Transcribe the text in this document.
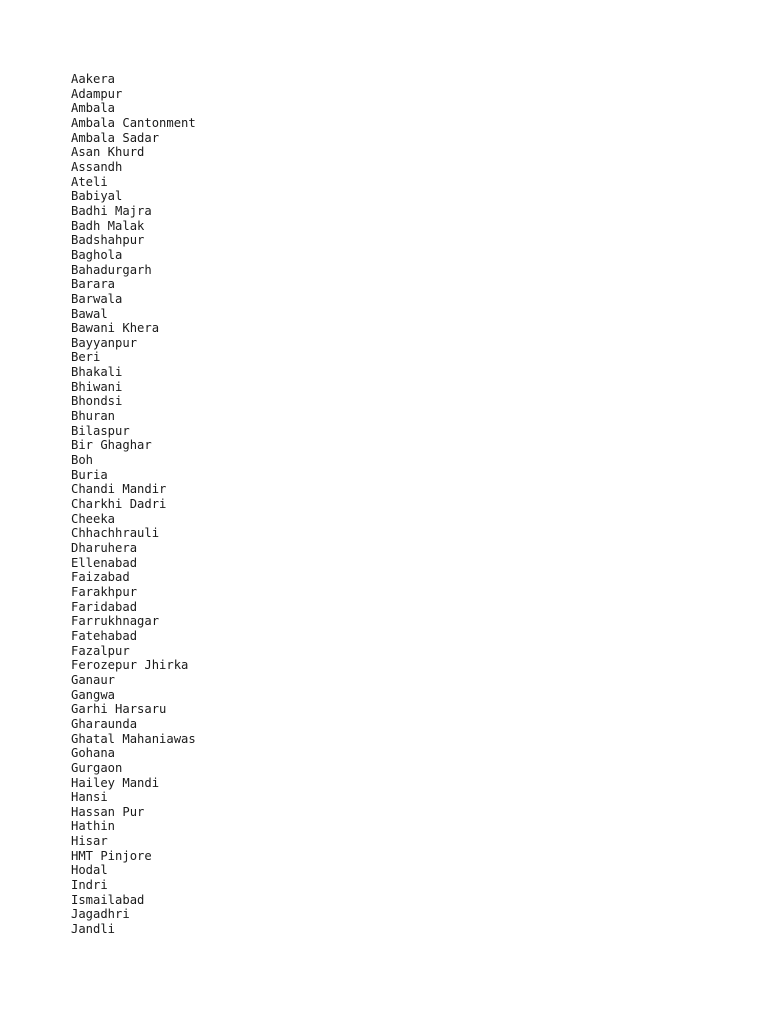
Aakera
Adampur
Ambala
Ambala Cantonment
Ambala Sadar
Asan Khurd
Assandh
Ateli
Babiyal
Badhi Majra
Badh Malak
Badshahpur
Baghola
Bahadurgarh
Barara
Barwala
Bawal
Bawani Khera
Bayyanpur
Beri
Bhakali
Bhiwani
Bhondsi
Bhuran
Bilaspur
Bir Ghaghar
Boh
Buria
Chandi Mandir
Charkhi Dadri
Cheeka
Chhachhrauli
Dharuhera
Ellenabad
Faizabad
Farakhpur
Faridabad
Farrukhnagar
Fatehabad
Fazalpur
Ferozepur Jhirka
Ganaur
Gangwa
Garhi Harsaru
Gharaunda
Ghatal Mahaniawas
Gohana
Gurgaon
Hailey Mandi
Hansi
Hassan Pur
Hathin
Hisar
HMT Pinjore
Hodal
Indri
Ismailabad
Jagadhri
Jandli
